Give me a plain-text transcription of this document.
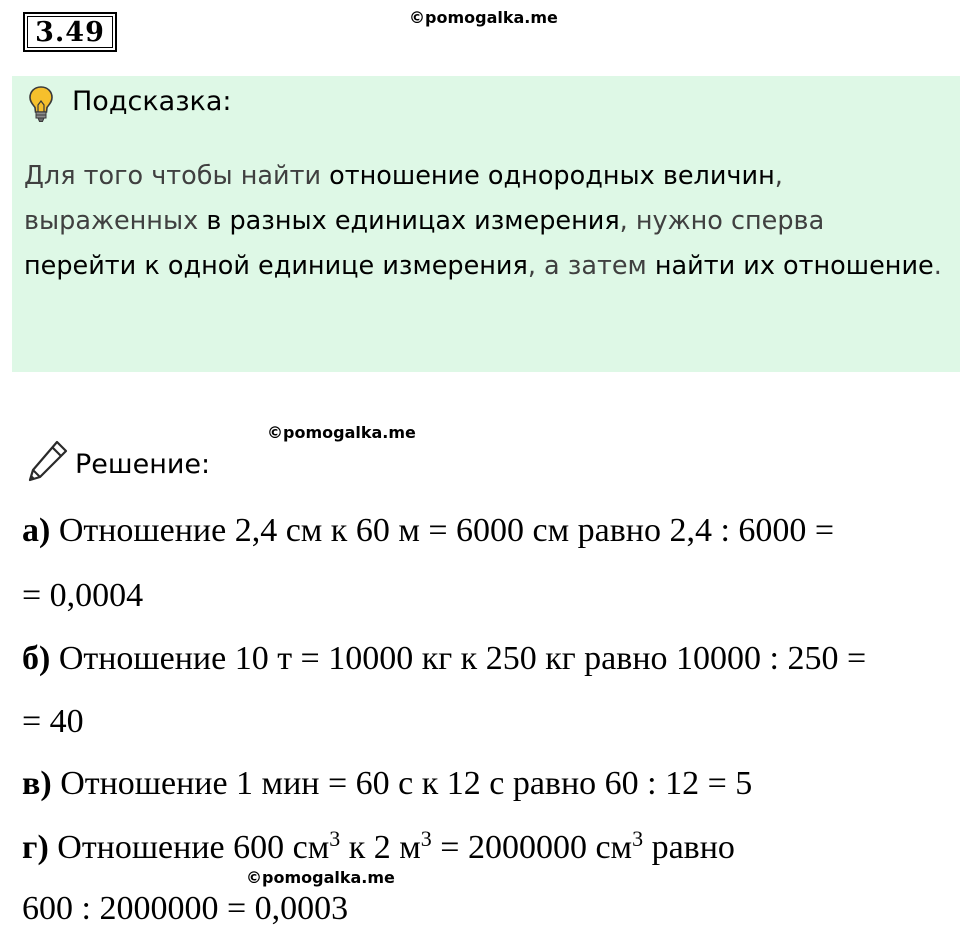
3.49	©pomogalka.me
Подсказка:
Для того чтобы найти отношение однородных величин, выраженных в разных единицах измерения, нужно сперва перейти к одной единице измерения, а затем найти их отношение.
©pomogalka.me
Решение:
а) Отношение 2,4 см к 60 м = 6000 см равно 2,4 : 6000 =
= 0,0004
б) Отношение 10 т = 10000 кг к 250 кг равно 10000 : 250 =
= 40
в) Отношение 1 мин = 60 с к 12 с равно 60 : 12 = 5
г) Отношение 600 $см^3$ к 2 $м^3 = 2000000$ $см^3$ равно
©pomogalka.me
600 : 2000000 = 0,0003
